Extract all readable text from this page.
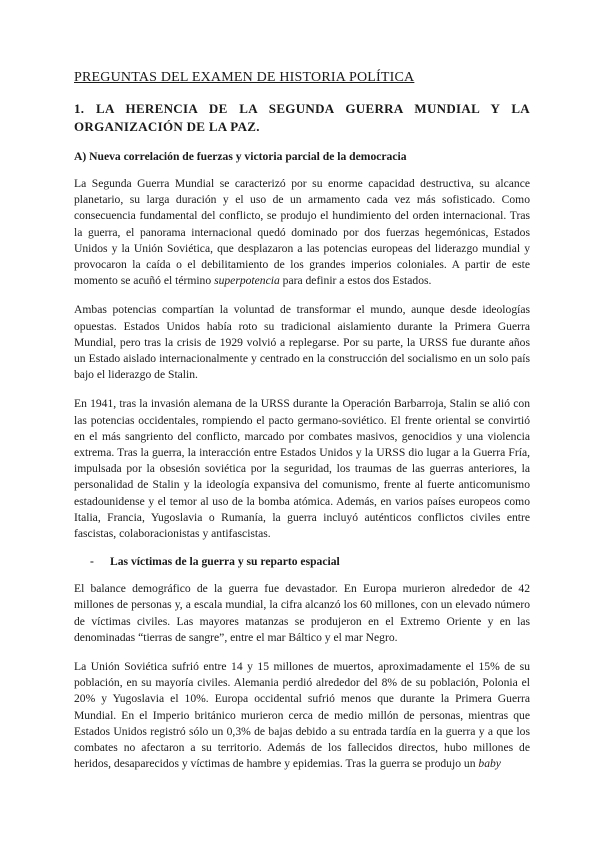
PREGUNTAS DEL EXAMEN DE HISTORIA POLÍTICA
1. LA HERENCIA DE LA SEGUNDA GUERRA MUNDIAL Y LA ORGANIZACIÓN DE LA PAZ.
A) Nueva correlación de fuerzas y victoria parcial de la democracia

La Segunda Guerra Mundial se caracterizó por su enorme capacidad destructiva, su alcance planetario, su larga duración y el uso de un armamento cada vez más sofisticado. Como consecuencia fundamental del conflicto, se produjo el hundimiento del orden internacional. Tras la guerra, el panorama internacional quedó dominado por dos fuerzas hegemónicas, Estados Unidos y la Unión Soviética, que desplazaron a las potencias europeas del liderazgo mundial y provocaron la caída o el debilitamiento de los grandes imperios coloniales. A partir de este momento se acuñó el término superpotencia para definir a estos dos Estados.

Ambas potencias compartían la voluntad de transformar el mundo, aunque desde ideologías opuestas. Estados Unidos había roto su tradicional aislamiento durante la Primera Guerra Mundial, pero tras la crisis de 1929 volvió a replegarse. Por su parte, la URSS fue durante años un Estado aislado internacionalmente y centrado en la construcción del socialismo en un solo país bajo el liderazgo de Stalin.

En 1941, tras la invasión alemana de la URSS durante la Operación Barbarroja, Stalin se alió con las potencias occidentales, rompiendo el pacto germano-soviético. El frente oriental se convirtió en el más sangriento del conflicto, marcado por combates masivos, genocidios y una violencia extrema. Tras la guerra, la interacción entre Estados Unidos y la URSS dio lugar a la Guerra Fría, impulsada por la obsesión soviética por la seguridad, los traumas de las guerras anteriores, la personalidad de Stalin y la ideología expansiva del comunismo, frente al fuerte anticomunismo estadounidense y el temor al uso de la bomba atómica. Además, en varios países europeos como Italia, Francia, Yugoslavia o Rumanía, la guerra incluyó auténticos conflictos civiles entre fascistas, colaboracionistas y antifascistas.

-	Las víctimas de la guerra y su reparto espacial

El balance demográfico de la guerra fue devastador. En Europa murieron alrededor de 42 millones de personas y, a escala mundial, la cifra alcanzó los 60 millones, con un elevado número de víctimas civiles. Las mayores matanzas se produjeron en el Extremo Oriente y en las denominadas “tierras de sangre”, entre el mar Báltico y el mar Negro.

La Unión Soviética sufrió entre 14 y 15 millones de muertos, aproximadamente el 15% de su población, en su mayoría civiles. Alemania perdió alrededor del 8% de su población, Polonia el 20% y Yugoslavia el 10%. Europa occidental sufrió menos que durante la Primera Guerra Mundial. En el Imperio británico murieron cerca de medio millón de personas, mientras que Estados Unidos registró sólo un 0,3% de bajas debido a su entrada tardía en la guerra y a que los combates no afectaron a su territorio. Además de los fallecidos directos, hubo millones de heridos, desaparecidos y víctimas de hambre y epidemias. Tras la guerra se produjo un baby
